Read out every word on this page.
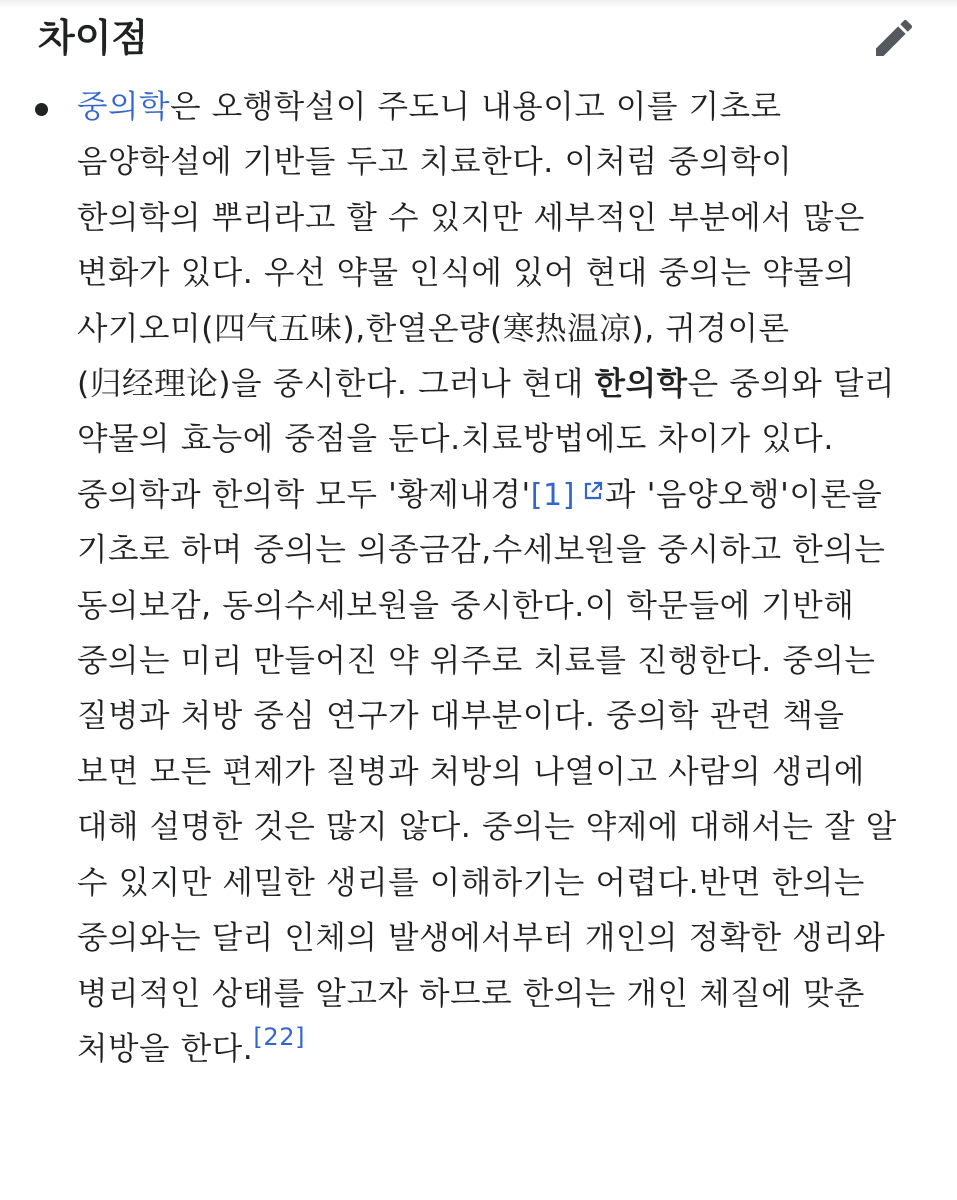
차이점

중의학은 오행학설이 주도니 내용이고 이를 기초로 음양학설에 기반들 두고 치료한다. 이처럼 중의학이 한의학의 뿌리라고 할 수 있지만 세부적인 부분에서 많은 변화가 있다. 우선 약물 인식에 있어 현대 중의는 약물의 사기오미(四气五味),한열온량(寒热温凉), 귀경이론(归经理论)을 중시한다. 그러나 현대 한의학은 중의와 달리 약물의 효능에 중점을 둔다.치료방법에도 차이가 있다. 중의학과 한의학 모두 '황제내경'[1] 과 '음양오행'이론을 기초로 하며 중의는 의종금감,수세보원을 중시하고 한의는 동의보감, 동의수세보원을 중시한다.이 학문들에 기반해 중의는 미리 만들어진 약 위주로 치료를 진행한다. 중의는 질병과 처방 중심 연구가 대부분이다. 중의학 관련 책을 보면 모든 편제가 질병과 처방의 나열이고 사람의 생리에 대해 설명한 것은 많지 않다. 중의는 약제에 대해서는 잘 알 수 있지만 세밀한 생리를 이해하기는 어렵다.반면 한의는 중의와는 달리 인체의 발생에서부터 개인의 정확한 생리와 병리적인 상태를 알고자 하므로 한의는 개인 체질에 맞춘 처방을 한다.[22]
